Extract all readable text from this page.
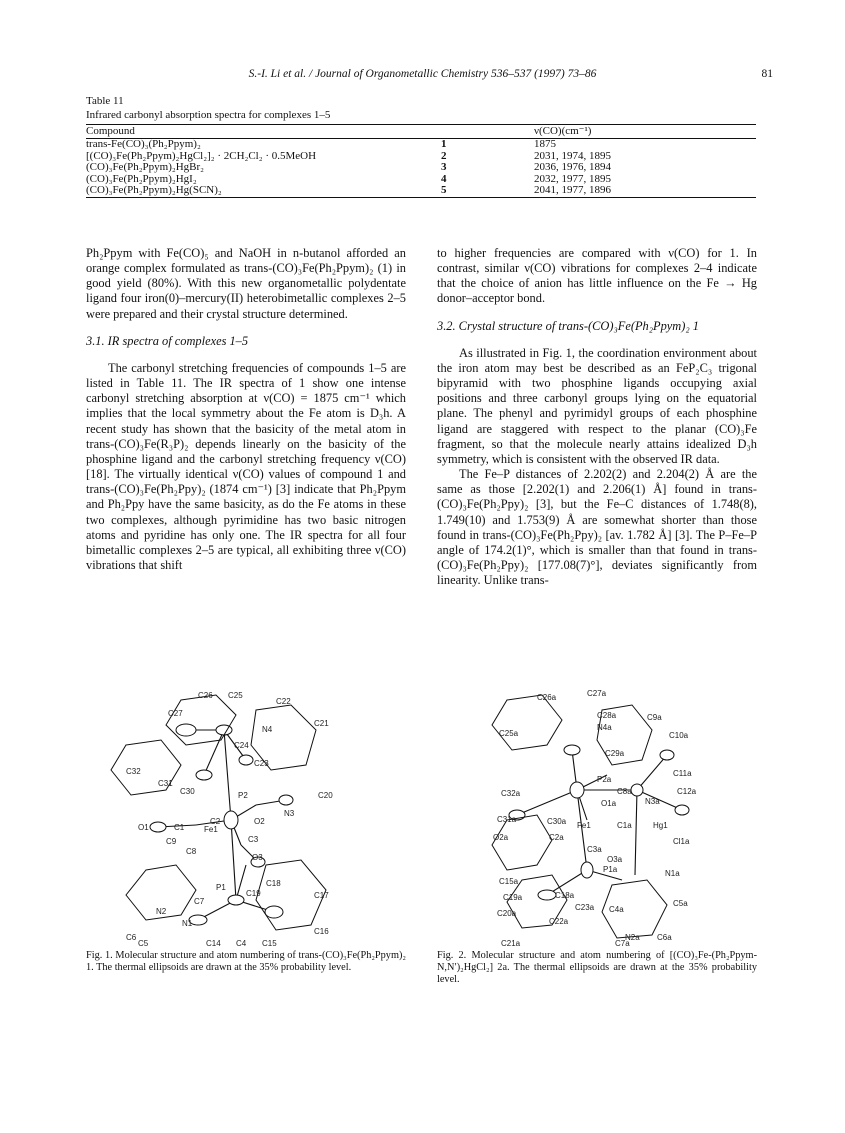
S.-I. Li et al. / Journal of Organometallic Chemistry 536–537 (1997) 73–86	81
Table 11
Infrared carbonyl absorption spectra for complexes 1–5
Compound		ν(CO)(cm⁻¹)
trans-Fe(CO)₃(Ph₂Ppym)₂	1	1875
[(CO)₃Fe(Ph₂Ppym)₂HgCl₂]₂ · 2CH₂Cl₂ · 0.5MeOH	2	2031, 1974, 1895
(CO)₃Fe(Ph₂Ppym)₂HgBr₂	3	2036, 1976, 1894
(CO)₃Fe(Ph₂Ppym)₂HgI₂	4	2032, 1977, 1895
(CO)₃Fe(Ph₂Ppym)₂Hg(SCN)₂	5	2041, 1977, 1896

Ph₂Ppym with Fe(CO)₅ and NaOH in n-butanol afforded an orange complex formulated as trans-(CO)₃Fe(Ph₂Ppym)₂ (1) in good yield (80%). With this new organometallic polydentate ligand four iron(0)–mercury(II) heterobimetallic complexes 2–5 were prepared and their crystal structure determined.

3.1. IR spectra of complexes 1–5

The carbonyl stretching frequencies of compounds 1–5 are listed in Table 11. The IR spectra of 1 show one intense carbonyl stretching absorption at ν(CO) = 1875 cm⁻¹ which implies that the local symmetry about the Fe atom is D₃h. A recent study has shown that the basicity of the metal atom in trans-(CO)₃Fe(R₃P)₂ depends linearly on the basicity of the phosphine ligand and the carbonyl stretching frequency ν(CO) [18]. The virtually identical ν(CO) values of compound 1 and trans-(CO)₃Fe(Ph₂Ppy)₂ (1874 cm⁻¹) [3] indicate that Ph₂Ppym and Ph₂Ppy have the same basicity, as do the Fe atoms in these two complexes, although pyrimidine has two basic nitrogen atoms and pyridine has only one. The IR spectra for all four bimetallic complexes 2–5 are typical, all exhibiting three ν(CO) vibrations that shift

to higher frequencies are compared with ν(CO) for 1. In contrast, similar ν(CO) vibrations for complexes 2–4 indicate that the choice of anion has little influence on the Fe → Hg donor–acceptor bond.

3.2. Crystal structure of trans-(CO)₃Fe(Ph₂Ppym)₂ 1

As illustrated in Fig. 1, the coordination environment about the iron atom may best be described as an FeP₂C₃ trigonal bipyramid with two phosphine ligands occupying axial positions and three carbonyl groups lying on the equatorial plane. The phenyl and pyrimidyl groups of each phosphine ligand are staggered with respect to the planar (CO)₃Fe fragment, so that the molecule nearly attains idealized D₃h symmetry, which is consistent with the observed IR data.

The Fe–P distances of 2.202(2) and 2.204(2) Å are the same as those [2.202(1) and 2.206(1) Å] found in trans-(CO)₃Fe(Ph₂Ppy)₂ [3], but the Fe–C distances of 1.748(8), 1.749(10) and 1.753(9) Å are somewhat shorter than those found in trans-(CO)₃Fe(Ph₂Ppy)₂ [av. 1.782 Å] [3]. The P–Fe–P angle of 174.2(1)°, which is smaller than that found in trans-(CO)₃Fe(Ph₂Ppy)₂ [177.08(7)°], deviates significantly from linearity. Unlike trans-

C26 C25
C22
C27
N4
C21
C24
C23
C32
C31
C30	P2	C20
N3
C2	O2
O1	C1 Fe1
C3
C9
C8
O3
C18
P1
C19	C17
C7
N2
N1
C6
C16
C4
C14
C5	C15
Fig. 1. Molecular structure and atom numbering of trans-(CO)₃Fe(Ph₂Ppym)₂ 1. The thermal ellipsoids are drawn at the 35% probability level.
C27a
C26a
C28a	C9a
N4a
C25a	C10a
C29a
C11a
P2a
C32a	C8a
N3a
C12a
O1a
C31a	C30a Fe1	C1a	Hg1
O2a	C2a	Cl1a
C3a
O3a
P1a
C15a
N1a
C18a
C19a
C23a C4a
C5a
C20a
C22a
N2a C6a
C21a	C7a
Fig. 2. Molecular structure and atom numbering of [(CO)₃Fe-(Ph₂Ppym-N,N′)₂HgCl₂] 2a. The thermal ellipsoids are drawn at the 35% probability level.
